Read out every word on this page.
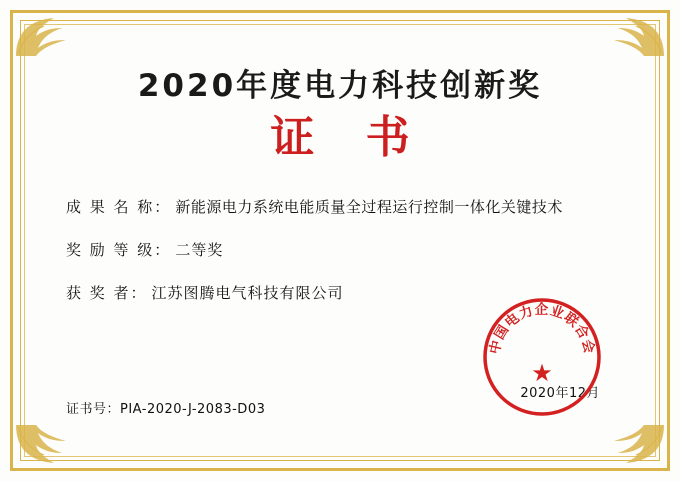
2020年度电力科技创新奖
证 书
成 果 名 称： 新能源电力系统电能质量全过程运行控制一体化关键技术
奖 励 等 级： 二等奖
获 奖 者： 江苏图腾电气科技有限公司
证书号：PIA-2020-J-2083-D03
2020年12月
中国电力企业联合会
★
